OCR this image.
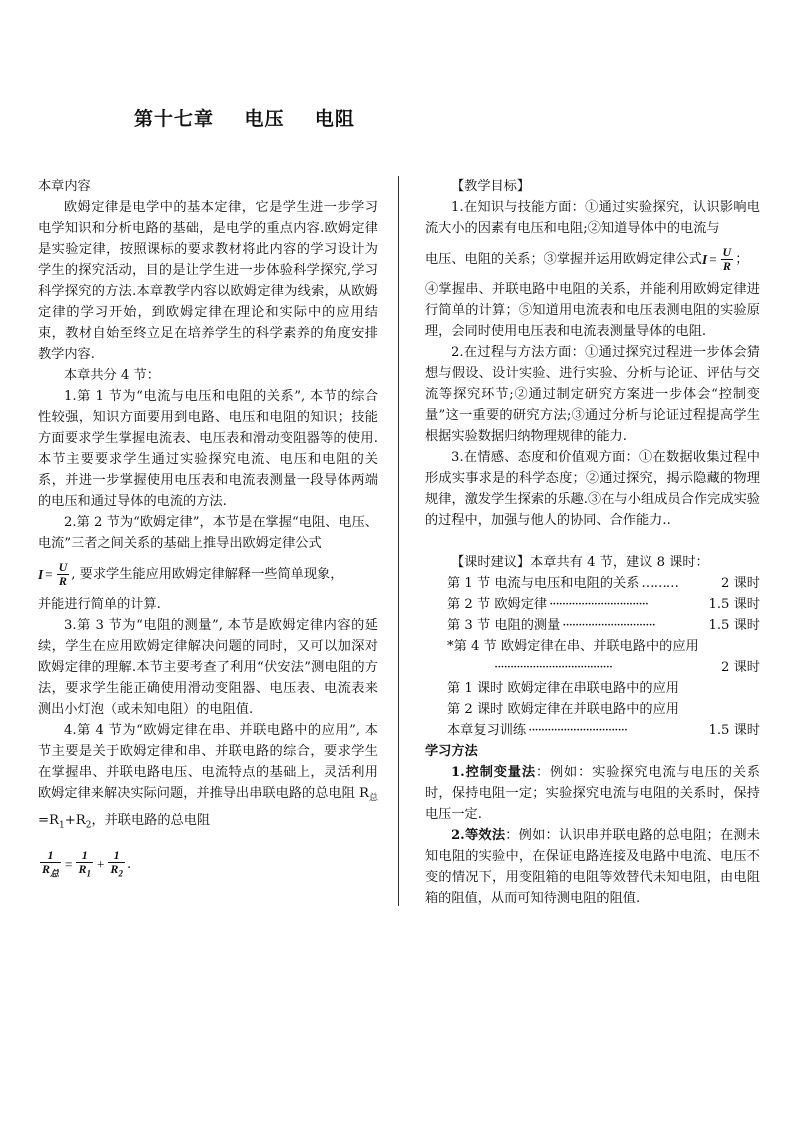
第十七章    电压    电阻

本章内容

欧姆定律是电学中的基本定律，它是学生进一步学习电学知识和分析电路的基础，是电学的重点内容.欧姆定律是实验定律，按照课标的要求教材将此内容的学习设计为学生的探究活动，目的是让学生进一步体验科学探究,学习科学探究的方法.本章教学内容以欧姆定律为线索，从欧姆定律的学习开始，到欧姆定律在理论和实际中的应用结束，教材自始至终立足在培养学生的科学素养的角度安排教学内容.

本章共分 4 节：

1.第 1 节为“电流与电压和电阻的关系”, 本节的综合性较强，知识方面要用到电路、电压和电阻的知识；技能方面要求学生掌握电流表、电压表和滑动变阻器等的使用.本节主要要求学生通过实验探究电流、电压和电阻的关系，并进一步掌握使用电压表和电流表测量一段导体两端的电压和通过导体的电流的方法.

2.第 2 节为“欧姆定律”，本节是在掌握“电阻、电压、电流”三者之间关系的基础上推导出欧姆定律公式

$I = \frac{U}{R}$ , 要求学生能应用欧姆定律解释一些简单现象，

并能进行简单的计算.

3.第 3 节为“电阻的测量”, 本节是欧姆定律内容的延续，学生在应用欧姆定律解决问题的同时，又可以加深对欧姆定律的理解.本节主要考查了利用“伏安法”测电阻的方法，要求学生能正确使用滑动变阻器、电压表、电流表来测出小灯泡（或未知电阻）的电阻值.

4.第 4 节为“欧姆定律在串、并联电路中的应用”, 本节主要是关于欧姆定律和串、并联电路的综合，要求学生在掌握串、并联电路电压、电流特点的基础上，灵活利用欧姆定律来解决实际问题，并推导出串联电路的总电阻 $R_总=R_1+R_2$，并联电路的总电阻

$\frac{1}{R_总} = \frac{1}{R_1} + \frac{1}{R_2}$ .

【教学目标】

1.在知识与技能方面：①通过实验探究，认识影响电流大小的因素有电压和电阻;②知道导体中的电流与

电压、电阻的关系；③掌握并运用欧姆定律公式 $I = \frac{U}{R}$ ；

④掌握串、并联电路中电阻的关系，并能利用欧姆定律进行简单的计算；⑤知道用电流表和电压表测电阻的实验原理，会同时使用电压表和电流表测量导体的电阻.

2.在过程与方法方面：①通过探究过程进一步体会猜想与假设、设计实验、进行实验、分析与论证、评估与交流等探究环节;②通过制定研究方案进一步体会“控制变量”这一重要的研究方法;③通过分析与论证过程提高学生根据实验数据归纳物理规律的能力.

3.在情感、态度和价值观方面：①在数据收集过程中形成实事求是的科学态度；②通过探究，揭示隐藏的物理规律，激发学生探索的乐趣.③在与小组成员合作完成实验的过程中，加强与他人的协同、合作能力..

【课时建议】本章共有 4 节，建议 8 课时：

第 1 节 电流与电压和电阻的关系 ………	2 课时
第 2 节 欧姆定律 ·······························	1.5 课时
第 3 节 电阻的测量 ·····························	1.5 课时

*第 4 节 欧姆定律在串、并联电路中的应用

·····································	2 课时

第 1 课时 欧姆定律在串联电路中的应用

第 2 课时 欧姆定律在并联电路中的应用

本章复习训练 ·······························	1.5 课时

学习方法

1.控制变量法：例如：实验探究电流与电压的关系时，保持电阻一定；实验探究电流与电阻的关系时，保持电压一定.

2.等效法：例如：认识串并联电路的总电阻；在测未知电阻的实验中，在保证电路连接及电路中电流、电压不变的情况下，用变阻箱的电阻等效替代未知电阻，由电阻箱的阻值，从而可知待测电阻的阻值.
